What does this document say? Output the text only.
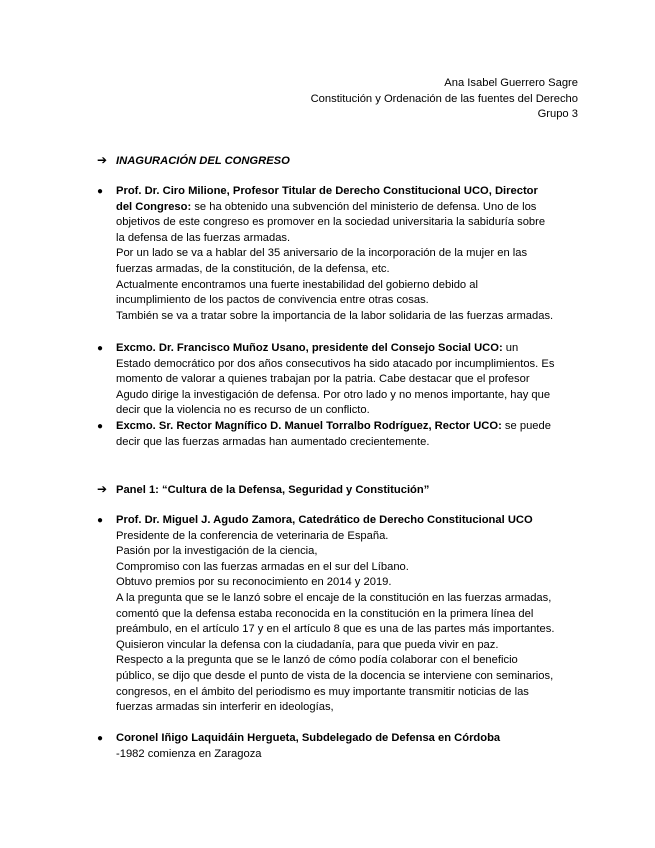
Ana Isabel Guerrero Sagre
Constitución y Ordenación de las fuentes del Derecho
Grupo 3
➔ INAGURACIÓN DEL CONGRESO
●	Prof. Dr. Ciro Milione, Profesor Titular de Derecho Constitucional UCO, Director
del Congreso: se ha obtenido una subvención del ministerio de defensa. Uno de los
objetivos de este congreso es promover en la sociedad universitaria la sabiduría sobre
la defensa de las fuerzas armadas.
Por un lado se va a hablar del 35 aniversario de la incorporación de la mujer en las
fuerzas armadas, de la constitución, de la defensa, etc.
Actualmente encontramos una fuerte inestabilidad del gobierno debido al
incumplimiento de los pactos de convivencia entre otras cosas.
También se va a tratar sobre la importancia de la labor solidaria de las fuerzas armadas.
●	Excmo. Dr. Francisco Muñoz Usano, presidente del Consejo Social UCO: un
Estado democrático por dos años consecutivos ha sido atacado por incumplimientos. Es
momento de valorar a quienes trabajan por la patria. Cabe destacar que el profesor
Agudo dirige la investigación de defensa. Por otro lado y no menos importante, hay que
decir que la violencia no es recurso de un conflicto.
●	Excmo. Sr. Rector Magnífico D. Manuel Torralbo Rodríguez, Rector UCO: se puede
decir que las fuerzas armadas han aumentado crecientemente.
➔ Panel 1: “Cultura de la Defensa, Seguridad y Constitución”
●	Prof. Dr. Miguel J. Agudo Zamora, Catedrático de Derecho Constitucional UCO
Presidente de la conferencia de veterinaria de España.
Pasión por la investigación de la ciencia,
Compromiso con las fuerzas armadas en el sur del Líbano.
Obtuvo premios por su reconocimiento en 2014 y 2019.
A la pregunta que se le lanzó sobre el encaje de la constitución en las fuerzas armadas,
comentó que la defensa estaba reconocida en la constitución en la primera línea del
preámbulo, en el artículo 17 y en el artículo 8 que es una de las partes más importantes.
Quisieron vincular la defensa con la ciudadanía, para que pueda vivir en paz.
Respecto a la pregunta que se le lanzó de cómo podía colaborar con el beneficio
público, se dijo que desde el punto de vista de la docencia se interviene con seminarios,
congresos, en el ámbito del periodismo es muy importante transmitir noticias de las
fuerzas armadas sin interferir en ideologías,
●	Coronel Iñigo Laquidáin Hergueta, Subdelegado de Defensa en Córdoba
-1982 comienza en Zaragoza
